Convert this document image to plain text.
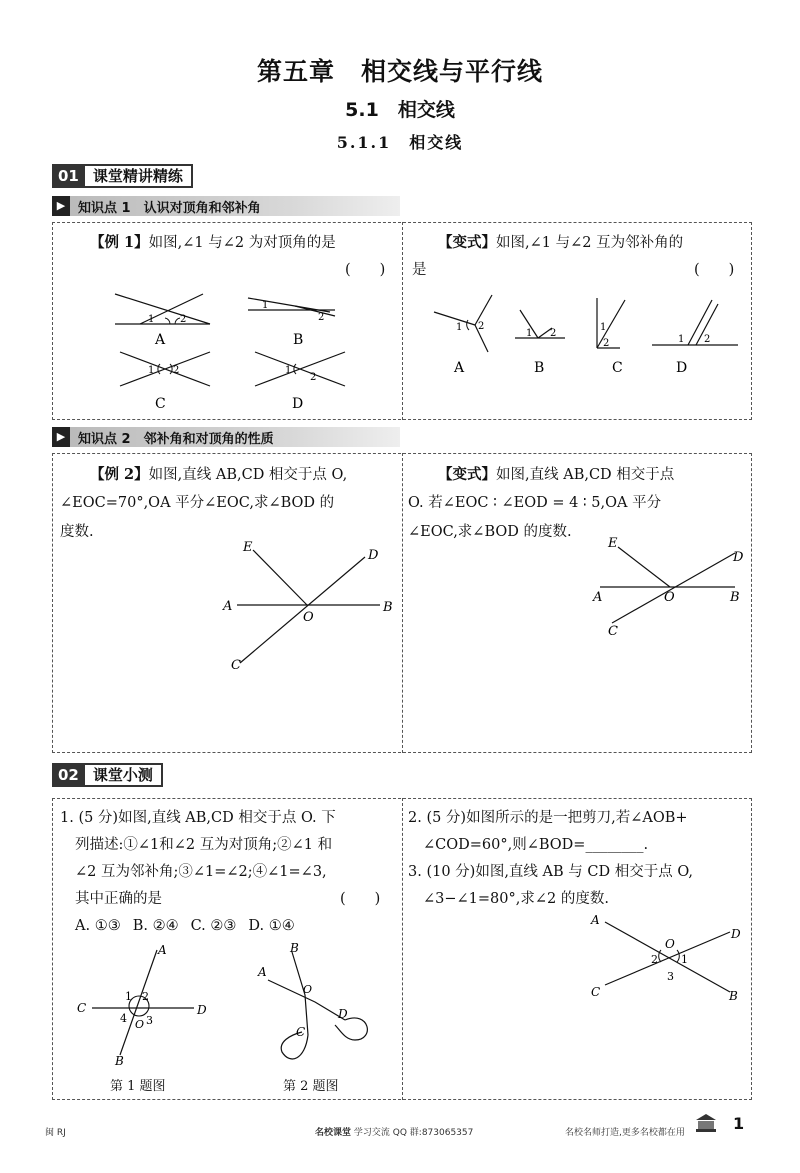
第五章　相交线与平行线
5.1　相交线
5.1.1　相交线
01 课堂精讲精练
▶ 知识点 1　认识对顶角和邻补角
【例 1】如图,∠1 与∠2 为对顶角的是
(　　)
1	2
A
1
2
B
1 2
C
1
2
D
【变式】如图,∠1 与∠2 互为邻补角的
是	(　　)
1 2
A
1 2
B
1
2
C
1 2
D
▶ 知识点 2　邻补角和对顶角的性质
【例 2】如图,直线 AB,CD 相交于点 O,
∠EOC=70°,OA 平分∠EOC,求∠BOD 的
度数.
E
D
A
O
B
C
【变式】如图,直线 AB,CD 相交于点
O. 若∠EOC ∶ ∠EOD = 4 ∶ 5,OA 平分
∠EOC,求∠BOD 的度数.
E
D
A	O	B
C
02 课堂小测
1. (5 分)如图,直线 AB,CD 相交于点 O. 下
列描述:①∠1和∠2 互为对顶角;②∠1 和
∠2 互为邻补角;③∠1=∠2;④∠1=∠3,
其中正确的是	(　　)
A. ①③ B. ②④ C. ②③ D. ①④
A
C	D
B
O
1 2
3
4
第 1 题图
A
B
O
C
D
第 2 题图
2. (5 分)如图所示的是一把剪刀,若∠AOB+
∠COD=60°,则∠BOD=________.
3. (10 分)如图,直线 AB 与 CD 相交于点 O,
∠3−∠1=80°,求∠2 的度数.
A
D
C	B
O
1
2
3
闽 RJ	名校课堂 学习交流 QQ 群:873065357	名校名师打造,更多名校都在用	1
